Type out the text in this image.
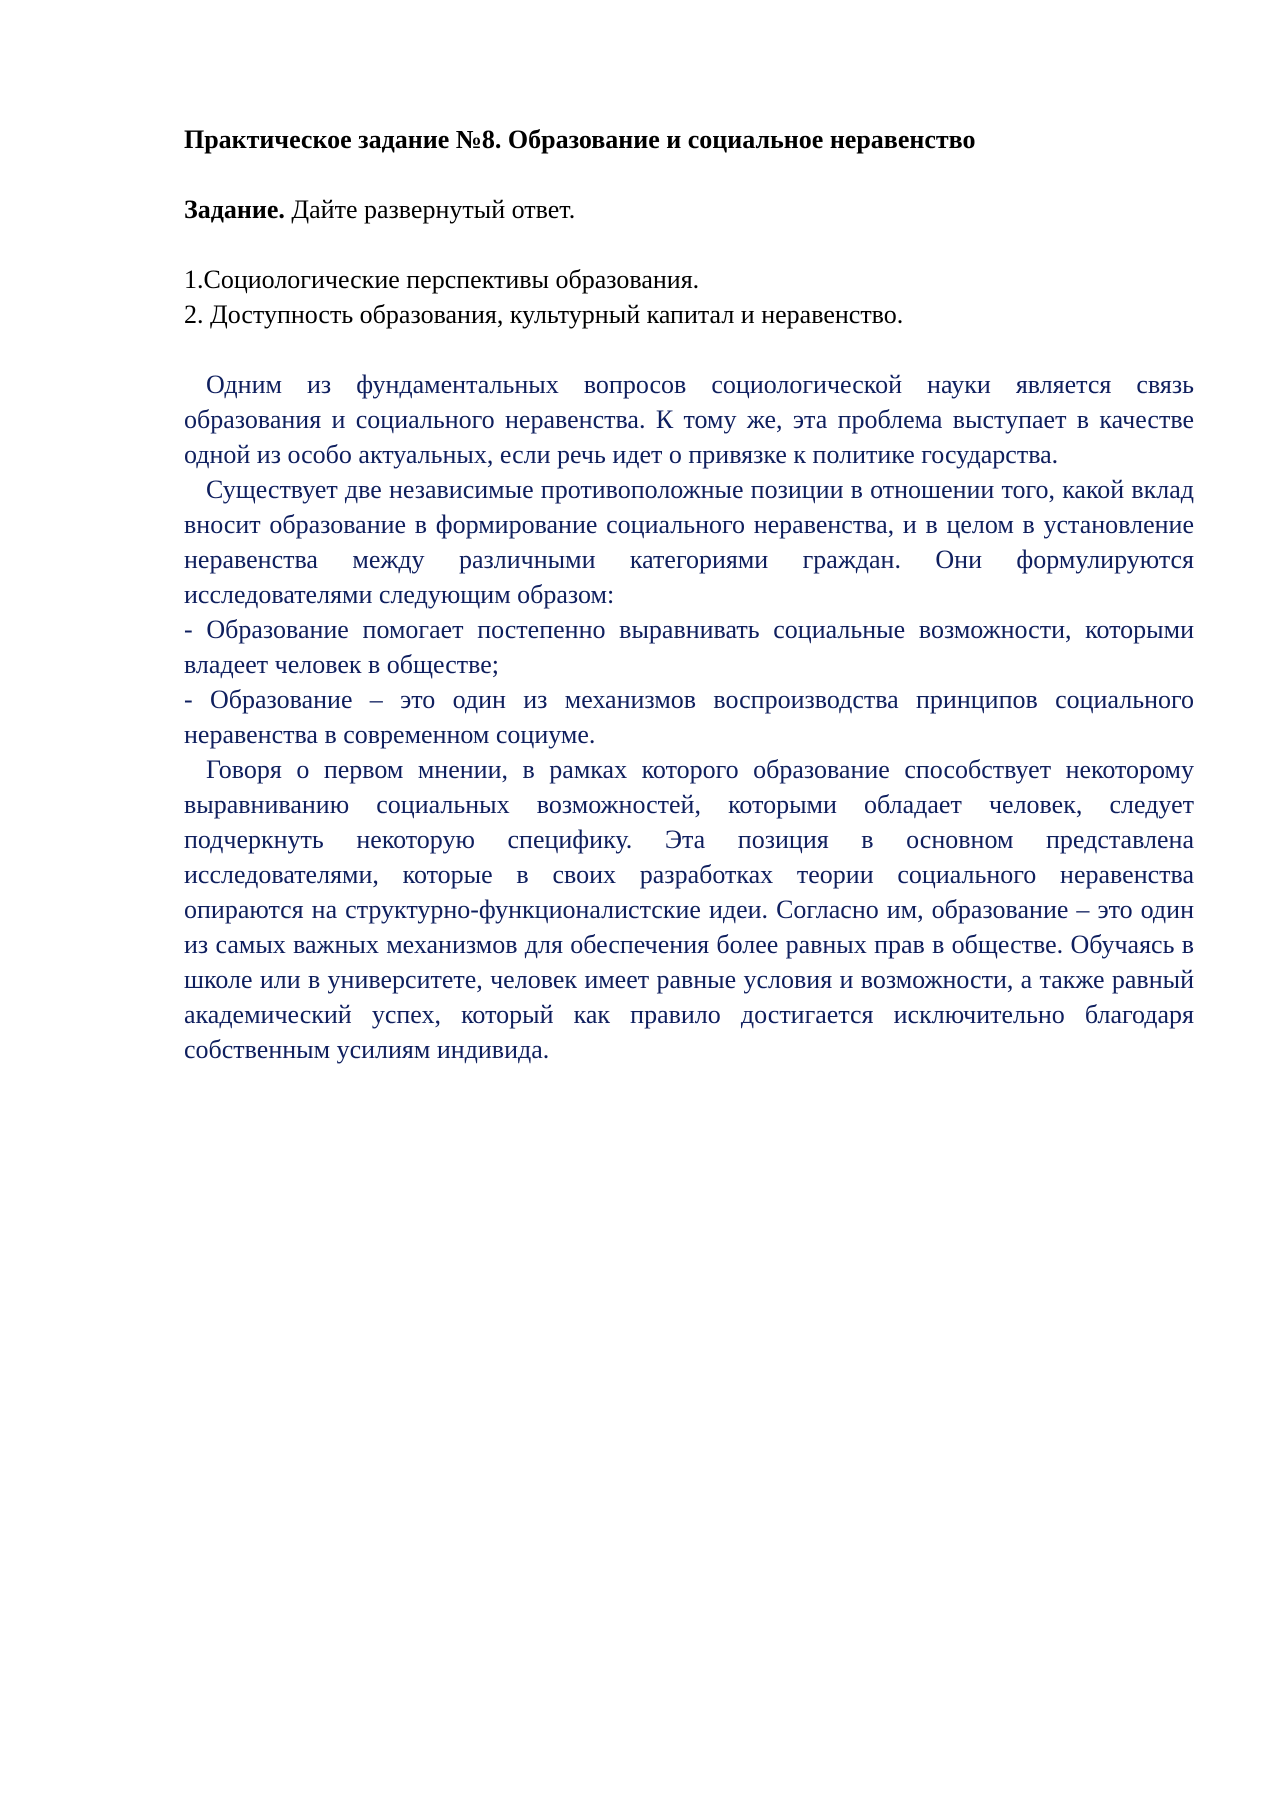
Практическое задание №8. Образование и социальное неравенство

Задание. Дайте развернутый ответ.

1.Социологические перспективы образования.
2. Доступность образования, культурный капитал и неравенство.

Одним из фундаментальных вопросов социологической науки является связь образования и социального неравенства. К тому же, эта проблема выступает в качестве одной из особо актуальных, если речь идет о привязке к политике государства.

Существует две независимые противоположные позиции в отношении того, какой вклад вносит образование в формирование социального неравенства, и в целом в установление неравенства между различными категориями граждан. Они формулируются исследователями следующим образом:

- Образование помогает постепенно выравнивать социальные возможности, которыми владеет человек в обществе;

- Образование – это один из механизмов воспроизводства принципов социального неравенства в современном социуме.

Говоря о первом мнении, в рамках которого образование способствует некоторому выравниванию социальных возможностей, которыми обладает человек, следует подчеркнуть некоторую специфику. Эта позиция в основном представлена исследователями, которые в своих разработках теории социального неравенства опираются на структурно-функционалистские идеи. Согласно им, образование – это один из самых важных механизмов для обеспечения более равных прав в обществе. Обучаясь в школе или в университете, человек имеет равные условия и возможности, а также равный академический успех, который как правило достигается исключительно благодаря собственным усилиям индивида.
